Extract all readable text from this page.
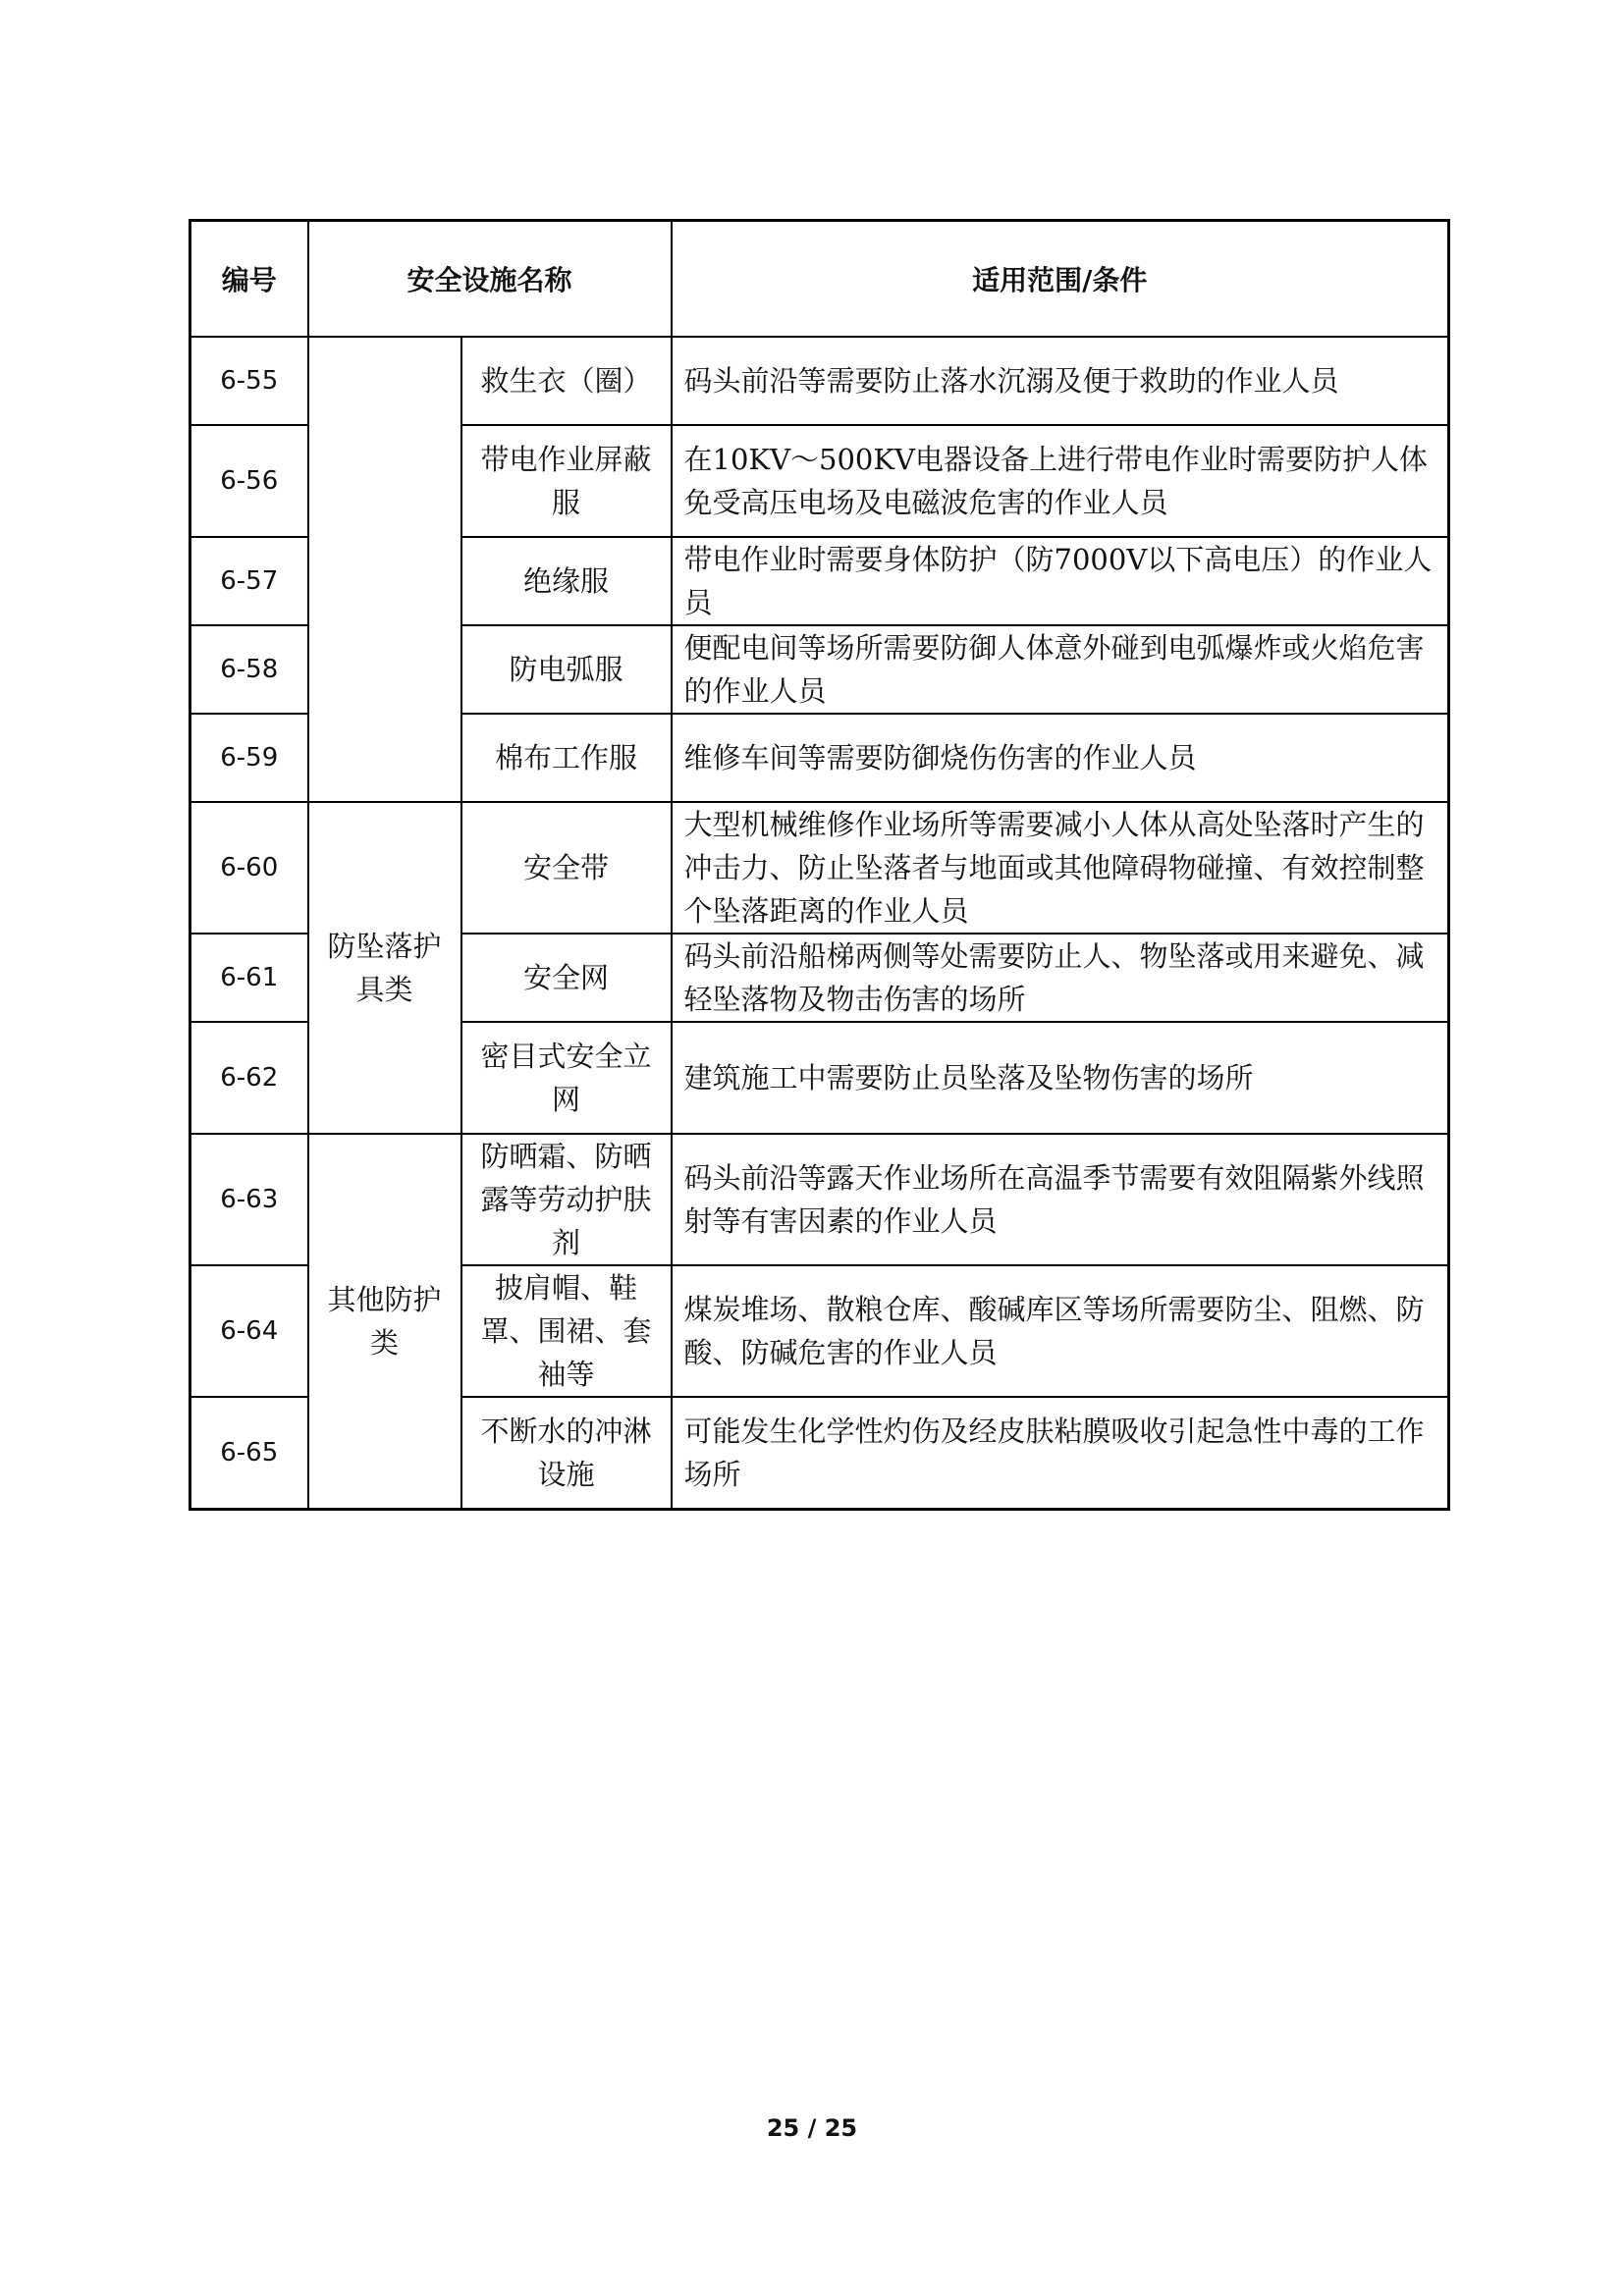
编号	安全设施名称		适用范围/条件
6-55		救生衣（圈）	码头前沿等需要防止落水沉溺及便于救助的作业人员
6-56		带电作业屏蔽服	在10KV～500KV电器设备上进行带电作业时需要防护人体免受高压电场及电磁波危害的作业人员
6-57		绝缘服	带电作业时需要身体防护（防7000V以下高电压）的作业人员
6-58		防电弧服	便配电间等场所需要防御人体意外碰到电弧爆炸或火焰危害的作业人员
6-59		棉布工作服	维修车间等需要防御烧伤伤害的作业人员
6-60	防坠落护具类	安全带	大型机械维修作业场所等需要减小人体从高处坠落时产生的冲击力、防止坠落者与地面或其他障碍物碰撞、有效控制整个坠落距离的作业人员
6-61		安全网	码头前沿船梯两侧等处需要防止人、物坠落或用来避免、减轻坠落物及物击伤害的场所
6-62		密目式安全立网	建筑施工中需要防止员坠落及坠物伤害的场所
6-63	其他防护类	防晒霜、防晒露等劳动护肤剂	码头前沿等露天作业场所在高温季节需要有效阻隔紫外线照射等有害因素的作业人员
6-64		披肩帽、鞋罩、围裙、套袖等	煤炭堆场、散粮仓库、酸碱库区等场所需要防尘、阻燃、防酸、防碱危害的作业人员
6-65		不断水的冲淋设施	可能发生化学性灼伤及经皮肤粘膜吸收引起急性中毒的工作场所
25 / 25
